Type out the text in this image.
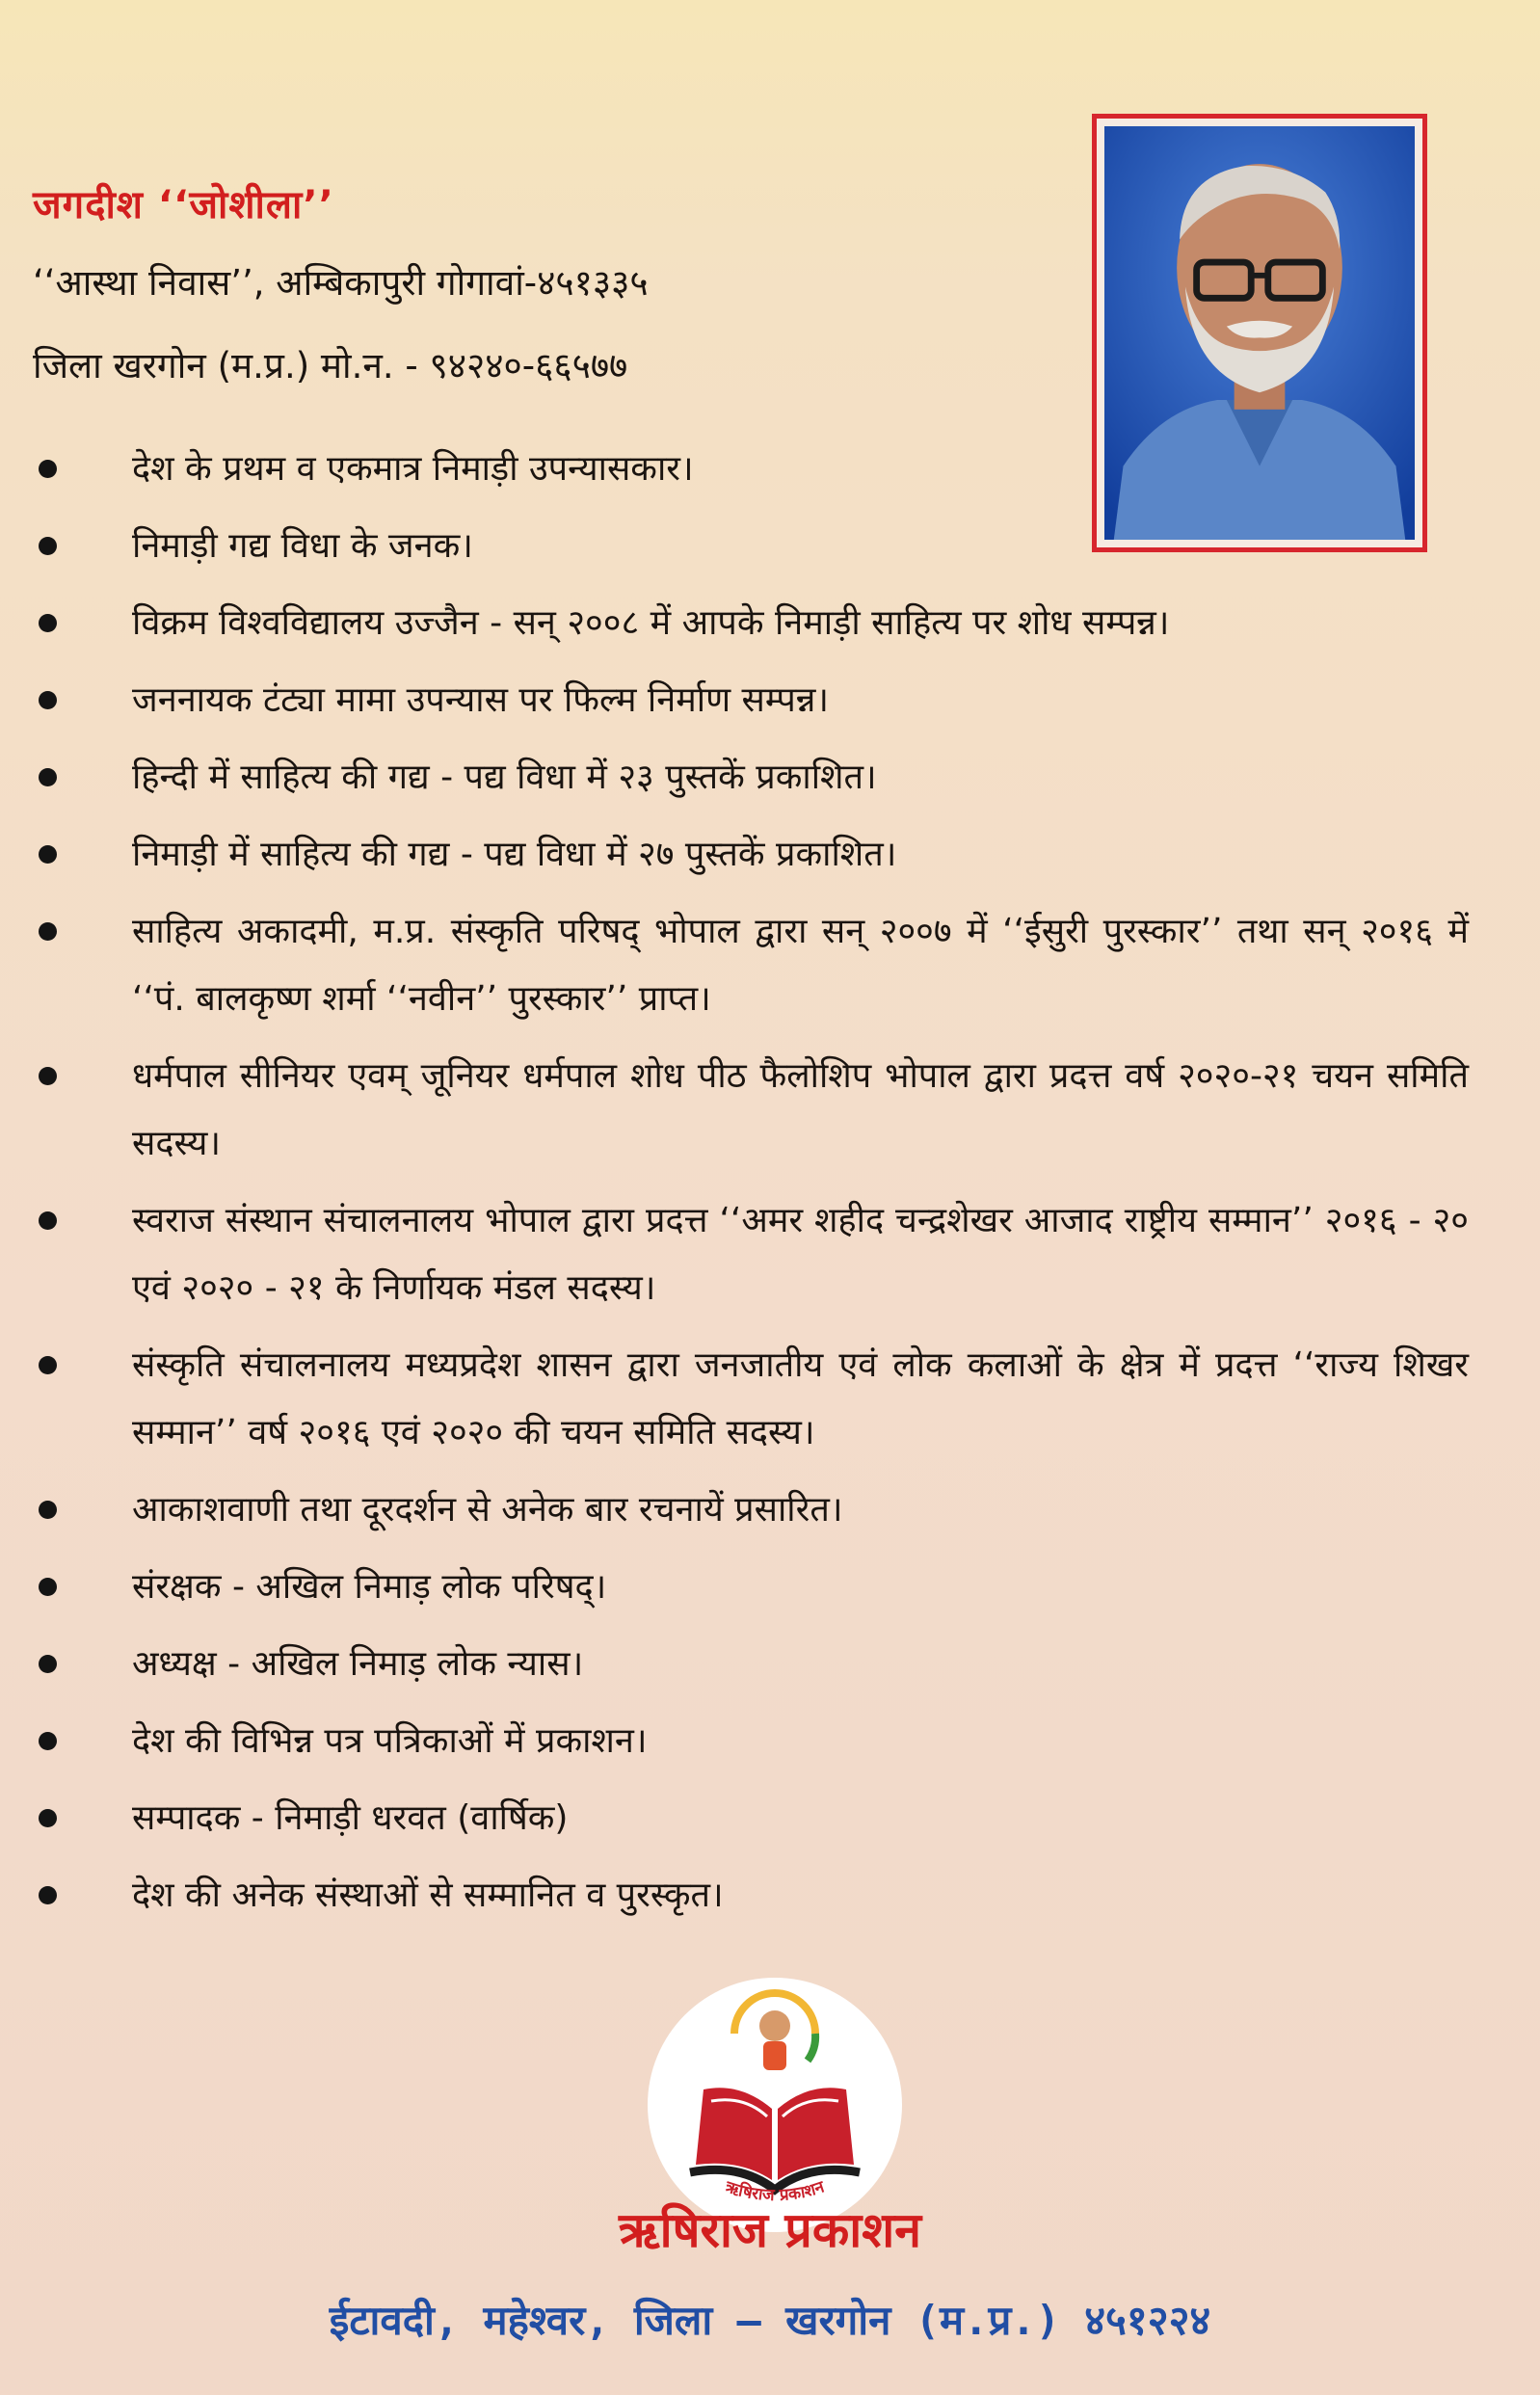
जगदीश ‘‘जोशीला’’
‘‘आस्था निवास’’, अम्बिकापुरी गोगावां-४५१३३५
जिला खरगोन (म.प्र.) मो.न. - ९४२४०-६६५७७
देश के प्रथम व एकमात्र निमाड़ी उपन्यासकार।
निमाड़ी गद्य विधा के जनक।
विक्रम विश्वविद्यालय उज्जैन - सन् २००८ में आपके निमाड़ी साहित्य पर शोध सम्पन्न।
जननायक टंट्या मामा उपन्यास पर फिल्म निर्माण सम्पन्न।
हिन्दी में साहित्य की गद्य - पद्य विधा में २३ पुस्तकें प्रकाशित।
निमाड़ी में साहित्य की गद्य - पद्य विधा में २७ पुस्तकें प्रकाशित।
साहित्य अकादमी, म.प्र. संस्कृति परिषद् भोपाल द्वारा सन् २००७ में ‘‘ईसुरी पुरस्कार’’ तथा सन् २०१६ में ‘‘पं. बालकृष्ण शर्मा ‘‘नवीन’’ पुरस्कार’’ प्राप्त।
धर्मपाल सीनियर एवम् जूनियर धर्मपाल शोध पीठ फैलोशिप भोपाल द्वारा प्रदत्त वर्ष २०२०-२१ चयन समिति सदस्य।
स्वराज संस्थान संचालनालय भोपाल द्वारा प्रदत्त ‘‘अमर शहीद चन्द्रशेखर आजाद राष्ट्रीय सम्मान’’ २०१६ - २० एवं २०२० - २१ के निर्णायक मंडल सदस्य।
संस्कृति संचालनालय मध्यप्रदेश शासन द्वारा जनजातीय एवं लोक कलाओं के क्षेत्र में प्रदत्त ‘‘राज्य शिखर सम्मान’’ वर्ष २०१६ एवं २०२० की चयन समिति सदस्य।
आकाशवाणी तथा दूरदर्शन से अनेक बार रचनायें प्रसारित।
संरक्षक - अखिल निमाड़ लोक परिषद्।
अध्यक्ष - अखिल निमाड़ लोक न्यास।
देश की विभिन्न पत्र पत्रिकाओं में प्रकाशन।
सम्पादक - निमाड़ी धरवत (वार्षिक)
देश की अनेक संस्थाओं से सम्मानित व पुरस्कृत।
ऋषिराज प्रकाशन
ऋषिराज प्रकाशन
ईटावदी, महेश्वर, जिला – खरगोन (म.प्र.) ४५१२२४
